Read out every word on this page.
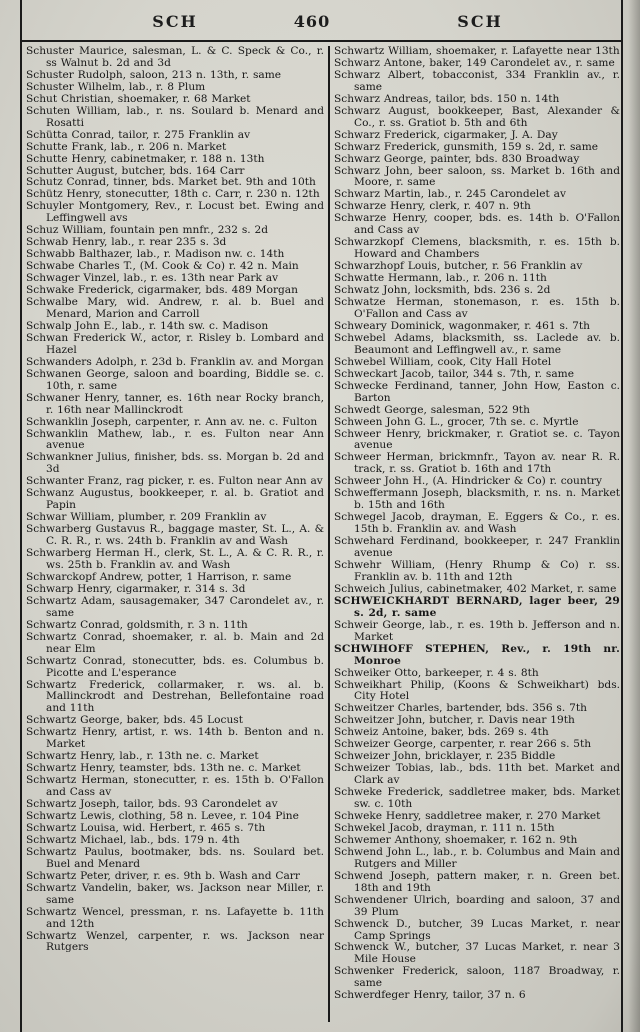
SCH	460	SCH

Schuster Maurice, salesman, L. & C. Speck & Co., r. ss Walnut b. 2d and 3d

Schuster Rudolph, saloon, 213 n. 13th, r. same

Schuster Wilhelm, lab., r. 8 Plum

Schut Christian, shoemaker, r. 68 Market

Schuten William, lab., r. ns. Soulard b. Menard and Rosatti

Schütta Conrad, tailor, r. 275 Franklin av

Schutte Frank, lab., r. 206 n. Market

Schutte Henry, cabinetmaker, r. 188 n. 13th

Schutter August, butcher, bds. 164 Carr

Schutz Conrad, tinner, bds. Market bet. 9th and 10th

Schütz Henry, stonecutter, 18th c. Carr, r. 230 n. 12th

Schuyler Montgomery, Rev., r. Locust bet. Ewing and Leffingwell avs

Schuz William, fountain pen mnfr., 232 s. 2d

Schwab Henry, lab., r. rear 235 s. 3d

Schwabb Balthazer, lab., r. Madison nw. c. 14th

Schwabe Charles T., (M. Cook & Co) r. 42 n. Main

Schwager Vinzel, lab., r. es. 13th near Park av

Schwake Frederick, cigarmaker, bds. 489 Morgan

Schwalbe Mary, wid. Andrew, r. al. b. Buel and Menard, Marion and Carroll

Schwalp John E., lab., r. 14th sw. c. Madison

Schwan Frederick W., actor, r. Risley b. Lombard and Hazel

Schwanders Adolph, r. 23d b. Franklin av. and Morgan

Schwanen George, saloon and boarding, Biddle se. c. 10th, r. same

Schwaner Henry, tanner, es. 16th near Rocky branch, r. 16th near Mallinckrodt

Schwanklin Joseph, carpenter, r. Ann av. ne. c. Fulton

Schwanklin Mathew, lab., r. es. Fulton near Ann avenue

Schwankner Julius, finisher, bds. ss. Morgan b. 2d and 3d

Schwanter Franz, rag picker, r. es. Fulton near Ann av

Schwanz Augustus, bookkeeper, r. al. b. Gratiot and Papin

Schwar William, plumber, r. 209 Franklin av

Schwarberg Gustavus R., baggage master, St. L., A. & C. R. R., r. ws. 24th b. Franklin av and Wash

Schwarberg Herman H., clerk, St. L., A. & C. R. R., r. ws. 25th b. Franklin av. and Wash

Schwarckopf Andrew, potter, 1 Harrison, r. same

Schwarp Henry, cigarmaker, r. 314 s. 3d

Schwartz Adam, sausagemaker, 347 Carondelet av., r. same

Schwartz Conrad, goldsmith, r. 3 n. 11th

Schwartz Conrad, shoemaker, r. al. b. Main and 2d near Elm

Schwartz Conrad, stonecutter, bds. es. Columbus b. Picotte and L'esperance

Schwartz Frederick, collarmaker, r. ws. al. b. Mallinckrodt and Destrehan, Bellefontaine road and 11th

Schwartz George, baker, bds. 45 Locust

Schwartz Henry, artist, r. ws. 14th b. Benton and n. Market

Schwartz Henry, lab., r. 13th ne. c. Market

Schwartz Henry, teamster, bds. 13th ne. c. Market

Schwartz Herman, stonecutter, r. es. 15th b. O'Fallon and Cass av

Schwartz Joseph, tailor, bds. 93 Carondelet av

Schwartz Lewis, clothing, 58 n. Levee, r. 104 Pine

Schwartz Louisa, wid. Herbert, r. 465 s. 7th

Schwartz Michael, lab., bds. 179 n. 4th

Schwartz Paulus, bootmaker, bds. ns. Soulard bet. Buel and Menard

Schwartz Peter, driver, r. es. 9th b. Wash and Carr

Schwartz Vandelin, baker, ws. Jackson near Miller, r. same

Schwartz Wencel, pressman, r. ns. Lafayette b. 11th and 12th

Schwartz Wenzel, carpenter, r. ws. Jackson near Rutgers

Schwartz William, shoemaker, r. Lafayette near 13th

Schwarz Antone, baker, 149 Carondelet av., r. same

Schwarz Albert, tobacconist, 334 Franklin av., r. same

Schwarz Andreas, tailor, bds. 150 n. 14th

Schwarz August, bookkeeper, Bast, Alexander & Co., r. ss. Gratiot b. 5th and 6th

Schwarz Frederick, cigarmaker, J. A. Day

Schwarz Frederick, gunsmith, 159 s. 2d, r. same

Schwarz George, painter, bds. 830 Broadway

Schwarz John, beer saloon, ss. Market b. 16th and Moore, r. same

Schwarz Martin, lab., r. 245 Carondelet av

Schwarze Henry, clerk, r. 407 n. 9th

Schwarze Henry, cooper, bds. es. 14th b. O'Fallon and Cass av

Schwarzkopf Clemens, blacksmith, r. es. 15th b. Howard and Chambers

Schwarzhopf Louis, butcher, r. 56 Franklin av

Schwatte Hermann, lab., r. 206 n. 11th

Schwatz John, locksmith, bds. 236 s. 2d

Schwatze Herman, stonemason, r. es. 15th b. O'Fallon and Cass av

Schweary Dominick, wagonmaker, r. 461 s. 7th

Schwebel Adams, blacksmith, ss. Laclede av. b. Beaumont and Leffingwell av., r. same

Schwebel William, cook, City Hall Hotel

Schweckart Jacob, tailor, 344 s. 7th, r. same

Schwecke Ferdinand, tanner, John How, Easton c. Barton

Schwedt George, salesman, 522 9th

Schween John G. L., grocer, 7th se. c. Myrtle

Schweer Henry, brickmaker, r. Gratiot se. c. Tayon avenue

Schweer Herman, brickmnfr., Tayon av. near R. R. track, r. ss. Gratiot b. 16th and 17th

Schweer John H., (A. Hindricker & Co) r. country

Schweffermann Joseph, blacksmith, r. ns. n. Market b. 15th and 16th

Schwegel Jacob, drayman, E. Eggers & Co., r. es. 15th b. Franklin av. and Wash

Schwehard Ferdinand, bookkeeper, r. 247 Franklin avenue

Schwehr William, (Henry Rhump & Co) r. ss. Franklin av. b. 11th and 12th

Schweich Julius, cabinetmaker, 402 Market, r. same

SCHWEICKHARDT BERNARD, lager beer, 29 s. 2d, r. same

Schweir George, lab., r. es. 19th b. Jefferson and n. Market

SCHWIHOFF STEPHEN, Rev., r. 19th nr. Monroe

Schweiker Otto, barkeeper, r. 4 s. 8th

Schweikhart Philip, (Koons & Schweikhart) bds. City Hotel

Schweitzer Charles, bartender, bds. 356 s. 7th

Schweitzer John, butcher, r. Davis near 19th

Schweiz Antoine, baker, bds. 269 s. 4th

Schweizer George, carpenter, r. rear 266 s. 5th

Schweizer John, bricklayer, r. 235 Biddle

Schweizer Tobias, lab., bds. 11th bet. Market and Clark av

Schweke Frederick, saddletree maker, bds. Market sw. c. 10th

Schweke Henry, saddletree maker, r. 270 Market

Schwekel Jacob, drayman, r. 111 n. 15th

Schwemer Anthony, shoemaker, r. 162 n. 9th

Schwend John L., lab., r. b. Columbus and Main and Rutgers and Miller

Schwend Joseph, pattern maker, r. n. Green bet. 18th and 19th

Schwendener Ulrich, boarding and saloon, 37 and 39 Plum

Schwenck D., butcher, 39 Lucas Market, r. near Camp Springs

Schwenck W., butcher, 37 Lucas Market, r. near 3 Mile House

Schwenker Frederick, saloon, 1187 Broadway, r. same

Schwerdfeger Henry, tailor, 37 n. 6
